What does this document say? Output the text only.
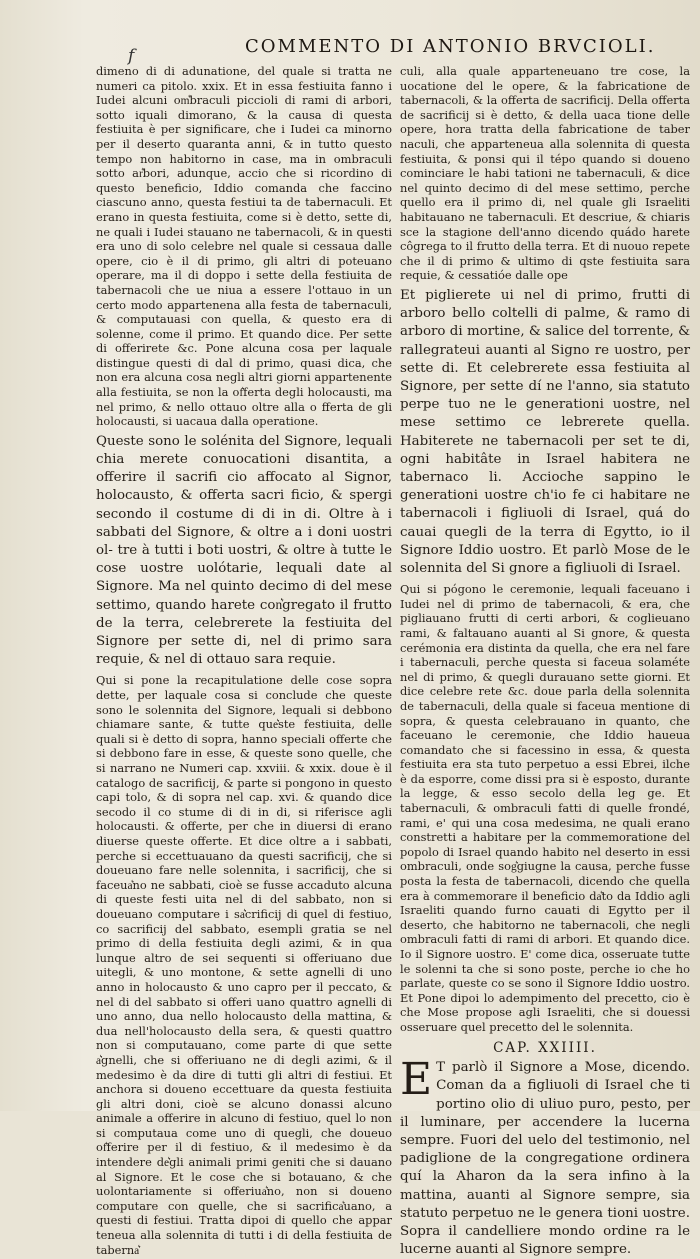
f	COMMENTO DI ANTONIO BRVCIOLI.

dimeno di di adunatione, del quale si tratta ne numeri ca pitolo. xxix. Et in essa festiuita fanno i Iudei alcuni om͛braculi piccioli di rami di arbori, sotto iquali dimorano, & la causa di questa festiuita è per significare, che i Iudei ca minorno per il deserto quaranta anni, & in tutto questo tempo non habitorno in case, ma in ombraculi sotto ar͛bori, adunque, accio che si ricordino di questo beneficio, Iddio comanda che faccino ciascuno anno, questa festiui ta de tabernaculi. Et erano in questa festiuita, come si è detto, sette di, ne quali i Iudei stauano ne tabernacoli, & in questi era uno di solo celebre nel quale si cessaua dalle opere, cio è il di primo, gli altri di poteuano operare, ma il di doppo i sette della festiuita de tabernacoli che ue niua a essere l'ottauo in un certo modo appartenena alla festa de tabernaculi, & computauasi con quella, & questo era di solenne, come il primo. Et quando dice. Per sette di offerirete &c. Pone alcuna cosa per laquale distingue questi di dal di primo, quasi dica, che non era alcuna cosa negli altri giorni appartenente alla festiuita, se non la of͛ferta degli holocausti, ma nel primo, & nello ottauo oltre alla o fferta de gli holocausti, si uacaua dalla operatione.

Queste sono le solénita del Signore, lequali chia merete conuocationi disantita, a offerire il sacrifi cio affocato al Signor, holocausto, & offerta sacri ficio, & spergi secondo il costume di di in di. Oltre à i sabbati del Signore, & oltre a i doni uostri ol- tre à tutti i boti uostri, & oltre à tutte le cose uostre uolótarie, lequali date al Signore. Ma nel quinto decimo di del mese settimo, quando harete con͛gregato il frutto de la terra, celebrerete la festiuita del Signore per sette di, nel di primo sara requie, & nel di ottauo sara requie.

Qui si pone la recapitulatione delle cose sopra dette, per laquale cosa si conclude che queste sono le solennita del Signore, lequali si debbono chiamare sante, & tutte que͛ste festiuita, delle quali si è detto di sopra, hanno speciali offerte che si debbono fare in esse, & queste sono quelle, che si narrano ne Numeri cap. xxviii. & xxix. doue è il catalogo de sacrificij, & parte si pongono in questo capi tolo, & di sopra nel cap. xvi. & quando dice secodo il co stume di di in di, si riferisce agli holocausti. & offerte, per che in diuersi di erano diuerse queste offerte. Et dice oltre a i sabbati, perche si eccettuauano da questi sacrificij, che si doueuano fare nelle solennita, i sacrificij, che si faceua͛no ne sabbati, cioè se fusse accaduto alcuna di queste festi uita nel di del sabbato, non si doueuano computare i sa͛crificij di quel di festiuo, co sacrificij del sabbato, esempli gratia se nel primo di della festiuita degli azimi, & in qua lunque altro de sei sequenti si offeriuano due uitegli, & uno montone, & sette agnelli di uno anno in holocausto & uno capro per il peccato, & nel di del sabbato si offeri uano quattro agnelli di uno anno, dua nello holocausto della mattina, & dua nell'holocausto della sera, & questi quattro non si computauano, come parte di que sette a͛gnelli, che si offeriuano ne di degli azimi, & il medesimo è da dire di tutti gli altri di festiui. Et anchora si doueno eccettuare da questa festiuita gli altri doni, cioè se alcuno donassi alcuno animale a offerire in alcuno di festiuo, quel lo non si computaua come uno di quegli, che doueuo of͛ferire per il di festiuo, & il medesimo è da intendere de͛gli animali primi geniti che si dauano al Signore. Et le cose che si botauano, & che uolontariamente si offeriua͛no, non si doueno computare con quelle, che si sacrifica͛uano, a questi di festiui. Tratta dipoi di quello che appar teneua alla solennita di tutti i di della festiuita de taberna͛

culi, alla quale apparteneuano tre cose, la uocatione del le opere, & la fabricatione de tabernacoli, & la offerta de sacrificij. Della offerta de sacrificij si è detto, & della uaca tione delle opere, hora tratta della fabricatione de taber naculi, che apparteneua alla solennita di questa festiuita, & ponsi qui il tépo quando si doueno cominciare le habi tationi ne tabernaculi, & dice nel quinto decimo di del mese settimo, perche quello era il primo di, nel quale gli Israeliti habitauano ne tabernaculi. Et descriue, & chiaris sce la stagione dell'anno dicendo quádo harete côgrega to il frutto della terra. Et di nuouo repete che il di primo & ultimo di qste festiuita sara requie, & cessatióe dalle ope

Et piglierete ui nel di primo, frutti di arboro bello coltelli di palme, & ramo di arboro di mortine, & salice del torrente, & rallegrateui auanti al Signo re uostro, per sette di. Et celebrerete essa festiuita al Signore, per sette dí ne l'anno, sia statuto perpe tuo ne le generationi uostre, nel mese settimo ce lebrerete quella. Habiterete ne tabernacoli per set te di, ogni habitâte in Israel habitera ne tabernaco li. Accioche sappino le generationi uostre ch'io fe ci habitare ne tabernacoli i figliuoli di Israel, quá do cauai quegli de la terra di Egytto, io il Signore Iddio uostro. Et parlò Mose de le solennita del Si gnore a figliuoli di Israel.

Qui si pógono le ceremonie, lequali faceuano i Iudei nel di primo de tabernacoli, & era, che pigliauano frutti di certi arbori, & coglieuano rami, & faltauano auanti al Si gnore, & questa cerémonia era distinta da quella, che era nel fare i tabernaculi, perche questa si faceua solaméte nel di primo, & quegli durauano sette giorni. Et dice celebre rete &c. doue parla della solennita de tabernaculi, della quale si faceua mentione di sopra, & questa celebrauano in quanto, che faceuano le ceremonie, che Iddio haueua comandato che si facessino in essa, & questa festiuita era sta tuto perpetuo a essi Ebrei, ilche è da esporre, come dissi pra si è esposto, durante la legge, & esso secolo della leg ge. Et tabernaculi, & ombraculi fatti di quelle frondé, rami, e' qui una cosa medesima, ne quali erano constretti a habitare per la commemoratione del popolo di Israel quando habito nel deserto in essi ombraculi, onde sog͛giugne la causa, perche fusse posta la festa de tabernacoli, dicendo che quella era à commemorare il beneficio da͛to da Iddio agli Israeliti quando furno cauati di Egytto per il deserto, che habitorno ne tabernacoli, che negli ombraculi fatti di rami di arbori. Et quando dice. Io il Signore uostro. E' come dica, osseruate tutte le solenni ta che si sono poste, perche io che ho parlate, queste co se sono il Signore Iddio uostro. Et Pone dipoi lo adempimento del precetto, cio è che Mose propose agli Israeliti, che si douessi osseruare quel precetto del le solennita.

CAP. XXIIII.

E T parlò il Signore a Mose, dicendo. Coman da a figliuoli di Israel che ti portino olio di uliuo puro, pesto, per il luminare, per accendere la lucerna sempre. Fuori del uelo del testimonio, nel padiglione de la congregatione ordinera quí la Aharon da la sera infino à la mattina, auanti al Signore sempre, sia statuto perpetuo ne le genera tioni uostre. Sopra il candelliere mondo ordine ra le lucerne auanti al Signore sempre.
